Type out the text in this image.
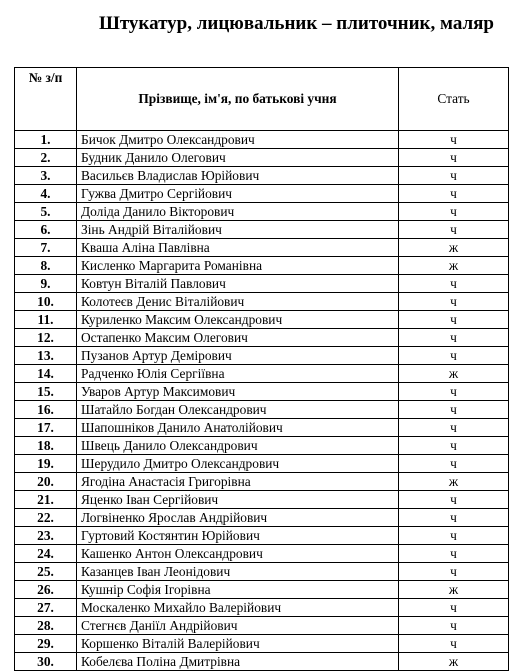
Штукатур, лицювальник – плиточник, маляр
№ з/п	Прізвище, ім'я, по батькові учня	Стать
1.	Бичок Дмитро Олександрович	ч
2.	Будник Данило Олегович	ч
3.	Васильєв Владислав Юрійович	ч
4.	Гужва Дмитро Сергійович	ч
5.	Доліда Данило Вікторович	ч
6.	Зінь Андрій Віталійович	ч
7.	Кваша Аліна Павлівна	ж
8.	Кисленко Маргарита Романівна	ж
9.	Ковтун Віталій Павлович	ч
10.	Колотеєв Денис Віталійович	ч
11.	Куриленко Максим Олександрович	ч
12.	Остапенко Максим Олегович	ч
13.	Пузанов Артур Демірович	ч
14.	Радченко Юлія Сергіївна	ж
15.	Уваров Артур Максимович	ч
16.	Шатайло Богдан Олександрович	ч
17.	Шапошніков Данило Анатолійович	ч
18.	Швець Данило Олександрович	ч
19.	Шерудило Дмитро Олександрович	ч
20.	Ягодіна Анастасія Григорівна	ж
21.	Яценко Іван Сергійович	ч
22.	Логвіненко Ярослав Андрійович	ч
23.	Гуртовий Костянтин Юрійович	ч
24.	Кашенко Антон Олександрович	ч
25.	Казанцев Іван Леонідович	ч
26.	Кушнір Софія Ігорівна	ж
27.	Москаленко Михайло Валерійович	ч
28.	Стегнєв Даніїл Андрійович	ч
29.	Коршенко Віталій Валерійович	ч
30.	Кобелєва Поліна Дмитрівна	ж
